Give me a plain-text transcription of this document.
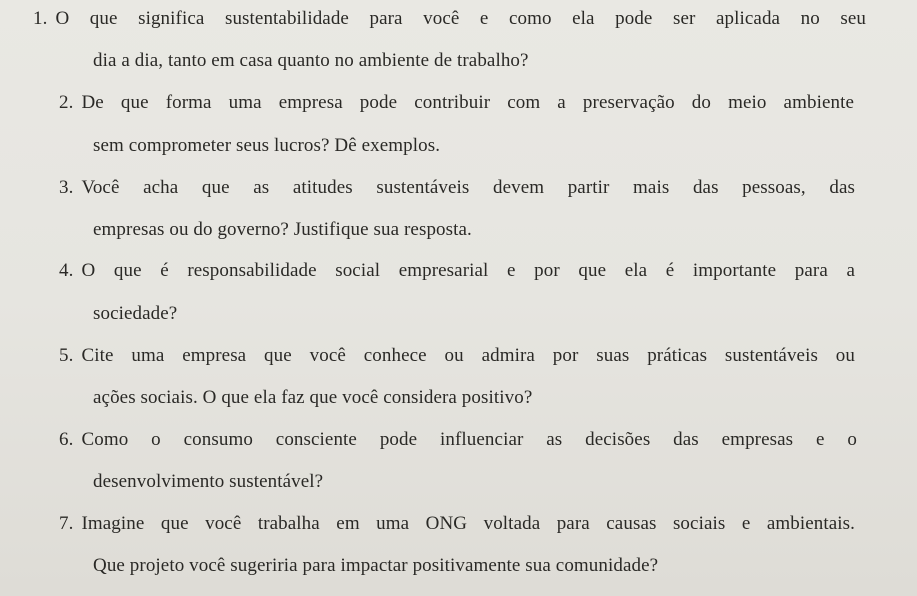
1. O que significa sustentabilidade para você e como ela pode ser aplicada no seu
dia a dia, tanto em casa quanto no ambiente de trabalho?
2. De que forma uma empresa pode contribuir com a preservação do meio ambiente
sem comprometer seus lucros? Dê exemplos.
3. Você acha que as atitudes sustentáveis devem partir mais das pessoas, das
empresas ou do governo? Justifique sua resposta.
4. O que é responsabilidade social empresarial e por que ela é importante para a
sociedade?
5. Cite uma empresa que você conhece ou admira por suas práticas sustentáveis ou
ações sociais. O que ela faz que você considera positivo?
6. Como o consumo consciente pode influenciar as decisões das empresas e o
desenvolvimento sustentável?
7. Imagine que você trabalha em uma ONG voltada para causas sociais e ambientais.
Que projeto você sugeriria para impactar positivamente sua comunidade?
